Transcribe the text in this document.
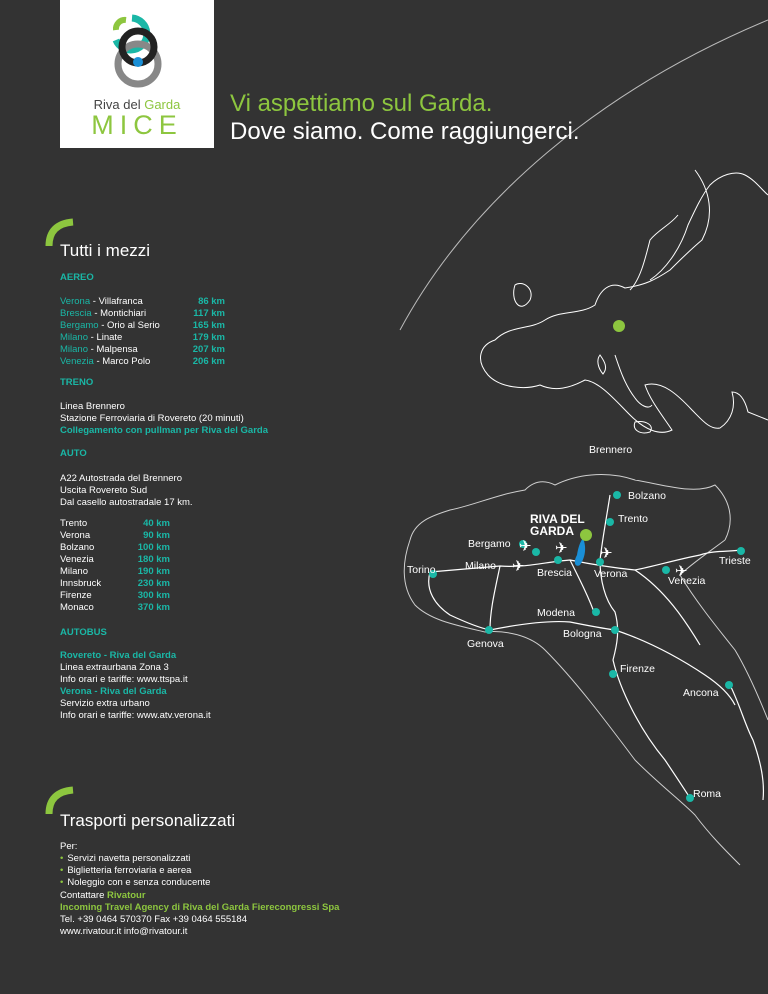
Riva del Garda
MICE
Vi aspettiamo sul Garda.
Dove siamo. Come raggiungerci.
Tutti i mezzi
AEREO
Verona - Villafranca	86 km
Brescia - Montichiari	117 km
Bergamo - Orio al Serio	165 km
Milano - Linate	179 km
Milano - Malpensa	207 km
Venezia - Marco Polo	206 km
TRENO
Linea Brennero
Stazione Ferroviaria di Rovereto (20 minuti)
Collegamento con pullman per Riva del Garda
AUTO
A22 Autostrada del Brennero
Uscita Rovereto Sud
Dal casello autostradale 17 km.
Trento	40 km
Verona	90 km
Bolzano	100 km
Venezia	180 km
Milano	190 km
Innsbruck	230 km
Firenze	300 km
Monaco	370 km
AUTOBUS
Rovereto - Riva del Garda
Linea extraurbana Zona 3
Info orari e tariffe: www.ttspa.it
Verona - Riva del Garda
Servizio extra urbano
Info orari e tariffe: www.atv.verona.it
Trasporti personalizzati
Per:
• Servizi navetta personalizzati
• Biglietteria ferroviaria e aerea
• Noleggio con e senza conducente
Contattare Rivatour
Incoming Travel Agency di Riva del Garda Fierecongressi Spa
Tel. +39 0464 570370 Fax +39 0464 555184
www.rivatour.it info@rivatour.it
✈
✈
✈ ✈
✈
Brennero
Bolzano
Trento
RIVA DEL
GARDA
Bergamo
Torino	Milano
Brescia Verona
Venezia
Trieste
Modena
Bologna
Genova
Firenze
Ancona
Roma
